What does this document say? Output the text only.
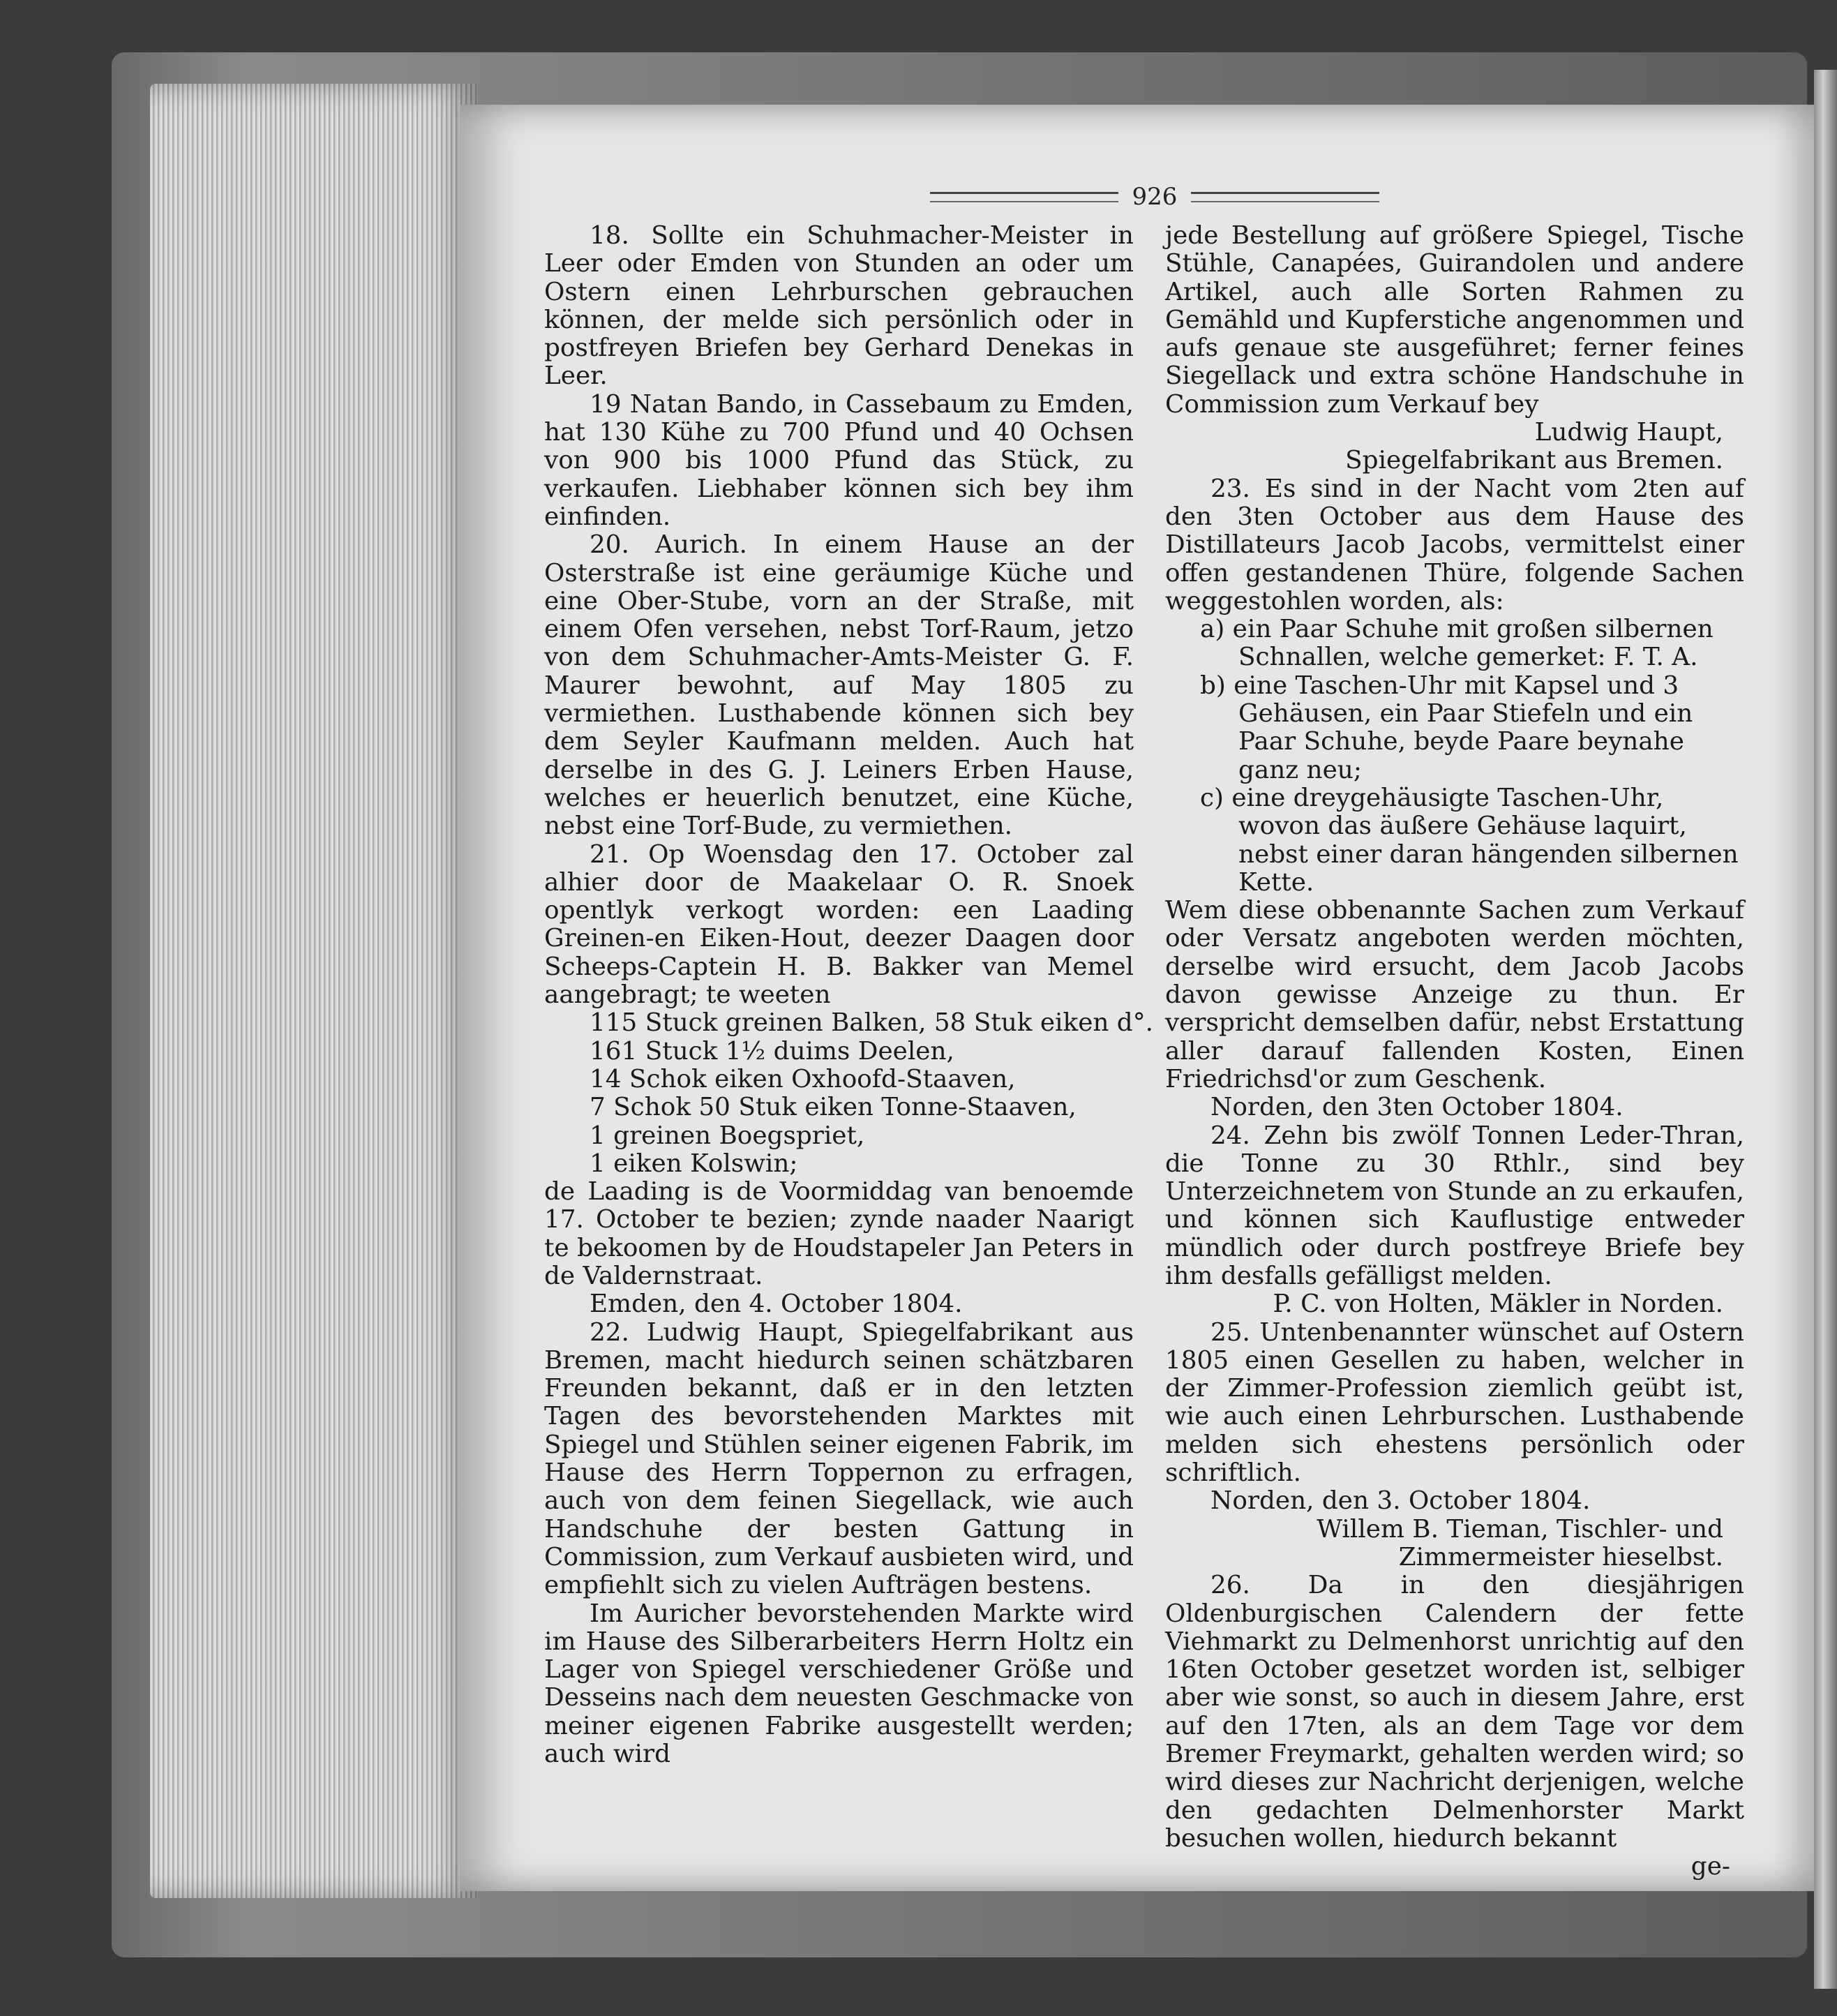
926

18. Sollte ein Schuhmacher-Meister in Leer oder Emden von Stunden an oder um Ostern einen Lehrburschen gebrauchen können, der melde sich persönlich oder in postfreyen Briefen bey Gerhard Denekas in Leer.

19 Natan Bando, in Cassebaum zu Emden, hat 130 Kühe zu 700 Pfund und 40 Ochsen von 900 bis 1000 Pfund das Stück, zu verkaufen. Liebhaber können sich bey ihm einfinden.

20. Aurich. In einem Hause an der Osterstraße ist eine geräumige Küche und eine Ober-Stube, vorn an der Straße, mit einem Ofen versehen, nebst Torf-Raum, jetzo von dem Schuhmacher-Amts-Meister G. F. Maurer bewohnt, auf May 1805 zu vermiethen. Lusthabende können sich bey dem Seyler Kaufmann melden. Auch hat derselbe in des G. J. Leiners Erben Hause, welches er heuerlich benutzet, eine Küche, nebst eine Torf-Bude, zu vermiethen.

21. Op Woensdag den 17. October zal alhier door de Maakelaar O. R. Snoek opentlyk verkogt worden: een Laading Greinen-en Eiken-Hout, deezer Daagen door Scheeps-Captein H. B. Bakker van Memel aangebragt; te weeten

115 Stuck greinen Balken, 58 Stuk eiken d°.

161 Stuck 1½ duims Deelen,

14 Schok eiken Oxhoofd-Staaven,

7 Schok 50 Stuk eiken Tonne-Staaven,

1 greinen Boegspriet,

1 eiken Kolswin;

de Laading is de Voormiddag van benoemde 17. October te bezien; zynde naader Naarigt te bekoomen by de Houdstapeler Jan Peters in de Valdernstraat.

Emden, den 4. October 1804.

22. Ludwig Haupt, Spiegelfabrikant aus Bremen, macht hiedurch seinen schätzbaren Freunden bekannt, daß er in den letzten Tagen des bevorstehenden Marktes mit Spiegel und Stühlen seiner eigenen Fabrik, im Hause des Herrn Toppernon zu erfragen, auch von dem feinen Siegellack, wie auch Handschuhe der besten Gattung in Commission, zum Verkauf ausbieten wird, und empfiehlt sich zu vielen Aufträgen bestens.

Im Auricher bevorstehenden Markte wird im Hause des Silberarbeiters Herrn Holtz ein Lager von Spiegel verschiedener Größe und Desseins nach dem neuesten Geschmacke von meiner eigenen Fabrike ausgestellt werden; auch wird

jede Bestellung auf größere Spiegel, Tische Stühle, Canapées, Guirandolen und andere Artikel, auch alle Sorten Rahmen zu Gemähld und Kupferstiche angenommen und aufs genaue ste ausgeführet; ferner feines Siegellack und extra schöne Handschuhe in Commission zum Verkauf bey

Ludwig Haupt,

Spiegelfabrikant aus Bremen.

23. Es sind in der Nacht vom 2ten auf den 3ten October aus dem Hause des Distillateurs Jacob Jacobs, vermittelst einer offen gestandenen Thüre, folgende Sachen weggestohlen worden, als:

a) ein Paar Schuhe mit großen silbernen Schnallen, welche gemerket: F. T. A.

b) eine Taschen-Uhr mit Kapsel und 3 Gehäusen, ein Paar Stiefeln und ein Paar Schuhe, beyde Paare beynahe ganz neu;

c) eine dreygehäusigte Taschen-Uhr, wovon das äußere Gehäuse laquirt, nebst einer daran hängenden silbernen Kette.

Wem diese obbenannte Sachen zum Verkauf oder Versatz angeboten werden möchten, derselbe wird ersucht, dem Jacob Jacobs davon gewisse Anzeige zu thun. Er verspricht demselben dafür, nebst Erstattung aller darauf fallenden Kosten, Einen Friedrichsd'or zum Geschenk.

Norden, den 3ten October 1804.

24. Zehn bis zwölf Tonnen Leder-Thran, die Tonne zu 30 Rthlr., sind bey Unterzeichnetem von Stunde an zu erkaufen, und können sich Kauflustige entweder mündlich oder durch postfreye Briefe bey ihm desfalls gefälligst melden.

P. C. von Holten, Mäkler in Norden.

25. Untenbenannter wünschet auf Ostern 1805 einen Gesellen zu haben, welcher in der Zimmer-Profession ziemlich geübt ist, wie auch einen Lehrburschen. Lusthabende melden sich ehestens persönlich oder schriftlich.

Norden, den 3. October 1804.

Willem B. Tieman, Tischler- und

Zimmermeister hieselbst.

26. Da in den diesjährigen Oldenburgischen Calendern der fette Viehmarkt zu Delmenhorst unrichtig auf den 16ten October gesetzet worden ist, selbiger aber wie sonst, so auch in diesem Jahre, erst auf den 17ten, als an dem Tage vor dem Bremer Freymarkt, gehalten werden wird; so wird dieses zur Nachricht derjenigen, welche den gedachten Delmenhorster Markt besuchen wollen, hiedurch bekannt

ge-
